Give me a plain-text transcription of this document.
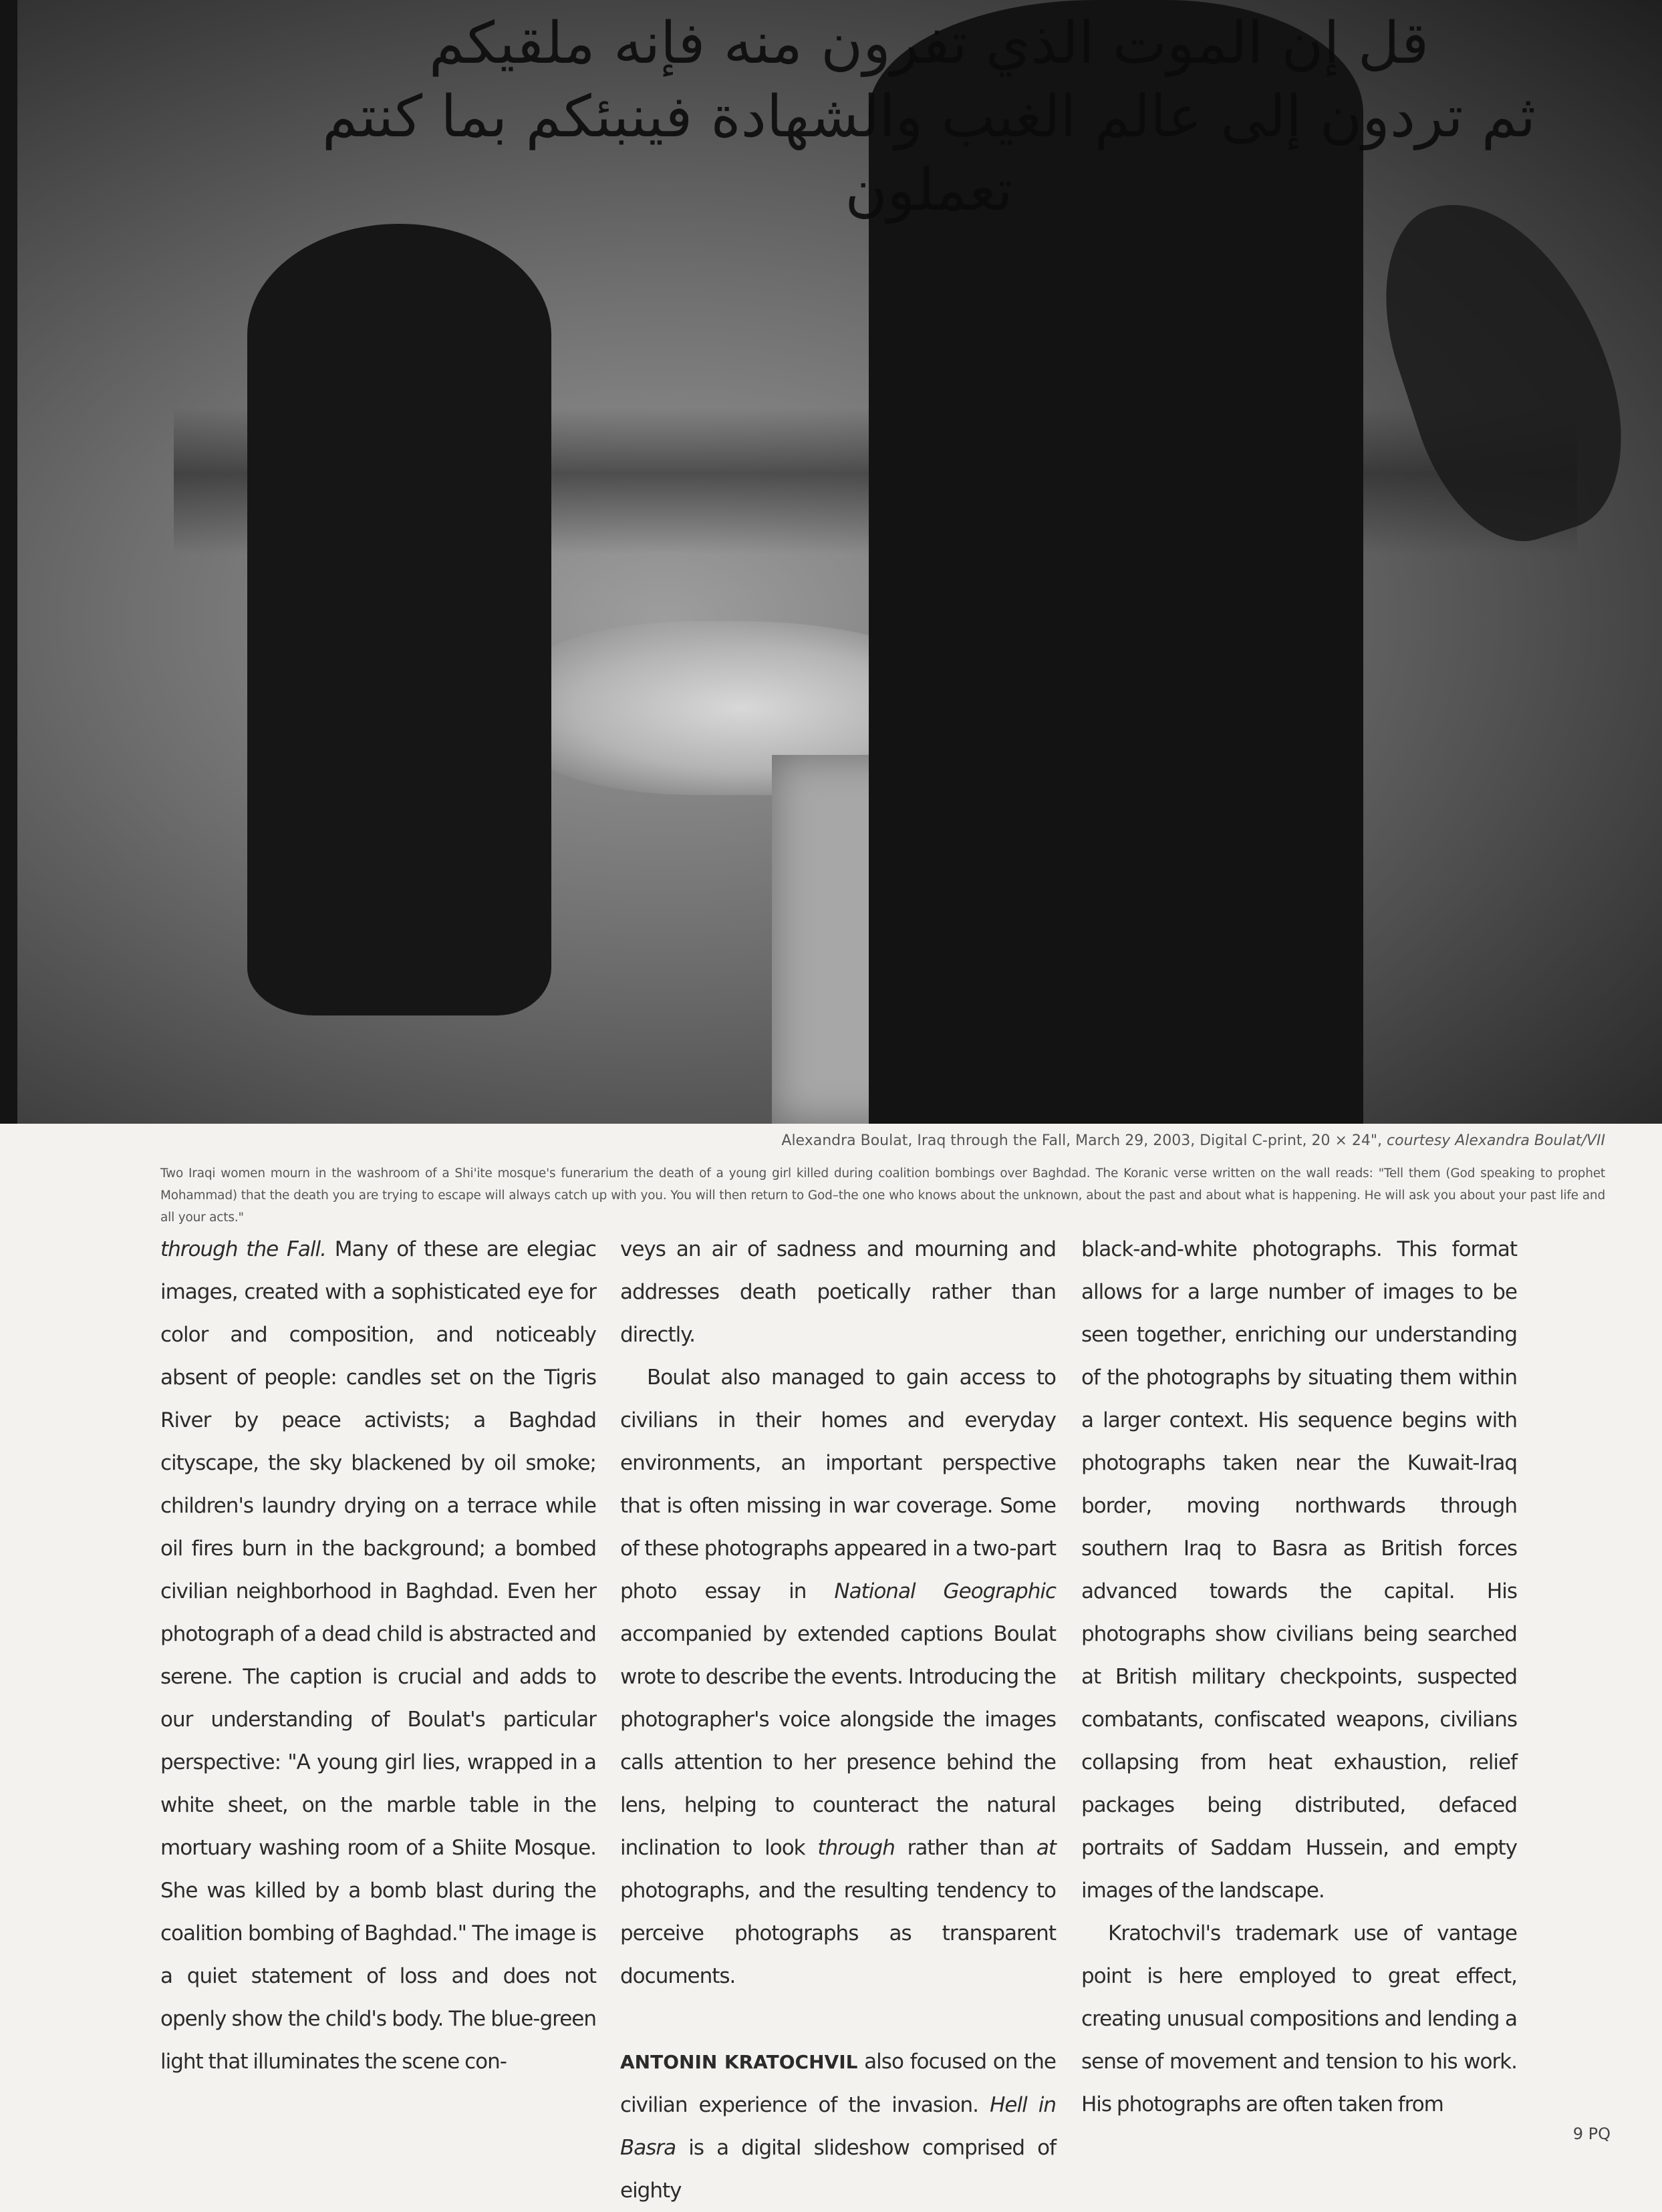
قل إن الموت الذي تفرون منه فإنه ملقيكم
ثم تردون إلى عالم الغيب والشهادة فينبئكم بما كنتم
تعملون
Alexandra Boulat, Iraq through the Fall, March 29, 2003, Digital C-print, 20 × 24", courtesy Alexandra Boulat/VII
Two Iraqi women mourn in the washroom of a Shi'ite mosque's funerarium the death of a young girl killed during coalition bombings over Baghdad. The Koranic verse written on the wall reads: "Tell them (God speaking to prophet Mohammad) that the death you are trying to escape will always catch up with you. You will then return to God–the one who knows about the unknown, about the past and about what is happening. He will ask you about your past life and all your acts."

through the Fall. Many of these are elegiac images, created with a sophisticated eye for color and composition, and noticeably absent of people: candles set on the Tigris River by peace activists; a Baghdad cityscape, the sky blackened by oil smoke; children's laundry drying on a terrace while oil fires burn in the background; a bombed civilian neighborhood in Baghdad. Even her photograph of a dead child is abstracted and serene. The caption is crucial and adds to our understanding of Boulat's particular perspective: "A young girl lies, wrapped in a white sheet, on the marble table in the mortuary washing room of a Shiite Mosque. She was killed by a bomb blast during the coalition bombing of Baghdad." The image is a quiet statement of loss and does not openly show the child's body. The blue-green light that illuminates the scene con-

veys an air of sadness and mourning and addresses death poetically rather than directly.

Boulat also managed to gain access to civilians in their homes and everyday environments, an important perspective that is often missing in war coverage. Some of these photographs appeared in a two-part photo essay in National Geographic accompanied by extended captions Boulat wrote to describe the events. Introducing the photographer's voice alongside the images calls attention to her presence behind the lens, helping to counteract the natural inclination to look through rather than at photographs, and the resulting tendency to perceive photographs as transparent documents.

ANTONIN KRATOCHVIL also focused on the civilian experience of the invasion. Hell in Basra is a digital slideshow comprised of eighty

black-and-white photographs. This format allows for a large number of images to be seen together, enriching our understanding of the photographs by situating them within a larger context. His sequence begins with photographs taken near the Kuwait-Iraq border, moving northwards through southern Iraq to Basra as British forces advanced towards the capital. His photographs show civilians being searched at British military checkpoints, suspected combatants, confiscated weapons, civilians collapsing from heat exhaustion, relief packages being distributed, defaced portraits of Saddam Hussein, and empty images of the landscape.

Kratochvil's trademark use of vantage point is here employed to great effect, creating unusual compositions and lending a sense of movement and tension to his work. His photographs are often taken from

9 PQ
